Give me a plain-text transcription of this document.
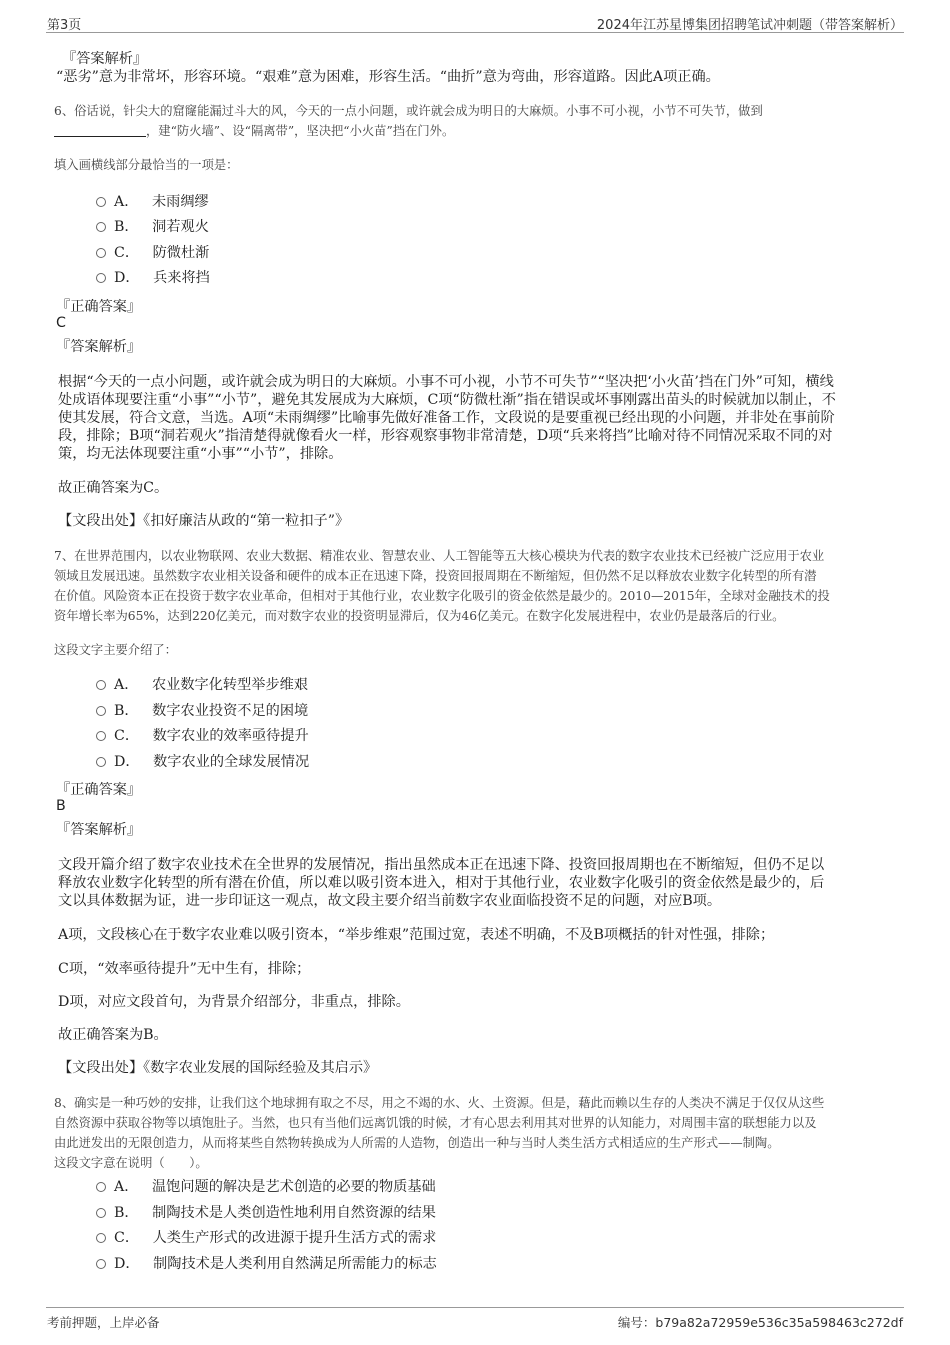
第3页	2024年江苏星博集团招聘笔试冲刺题（带答案解析）
『答案解析』
“恶劣”意为非常坏，形容环境。“艰难”意为困难，形容生活。“曲折”意为弯曲，形容道路。因此A项正确。
6、俗话说，针尖大的窟窿能漏过斗大的风，今天的一点小问题，或许就会成为明日的大麻烦。小事不可小视，小节不可失节，做到
，建“防火墙”、设“隔离带”，坚决把“小火苗”挡在门外。
填入画横线部分最恰当的一项是：
A． 未雨绸缪
B． 洞若观火
C． 防微杜渐
D． 兵来将挡
『正确答案』
C
『答案解析』
根据“今天的一点小问题，或许就会成为明日的大麻烦。小事不可小视，小节不可失节”“坚决把‘小火苗’挡在门外”可知，横线
处成语体现要注重“小事”“小节”，避免其发展成为大麻烦，C项“防微杜渐”指在错误或坏事刚露出苗头的时候就加以制止，不
使其发展，符合文意，当选。A项“未雨绸缪”比喻事先做好准备工作，文段说的是要重视已经出现的小问题，并非处在事前阶
段，排除；B项“洞若观火”指清楚得就像看火一样，形容观察事物非常清楚，D项“兵来将挡”比喻对待不同情况采取不同的对
策，均无法体现要注重“小事”“小节”，排除。
故正确答案为C。
【文段出处】《扣好廉洁从政的“第一粒扣子”》
7、在世界范围内，以农业物联网、农业大数据、精准农业、智慧农业、人工智能等五大核心模块为代表的数字农业技术已经被广泛应用于农业
领域且发展迅速。虽然数字农业相关设备和硬件的成本正在迅速下降，投资回报周期在不断缩短，但仍然不足以释放农业数字化转型的所有潜
在价值。风险资本正在投资于数字农业革命，但相对于其他行业，农业数字化吸引的资金依然是最少的。2010—2015年，全球对金融技术的投
资年增长率为65%，达到220亿美元，而对数字农业的投资明显滞后，仅为46亿美元。在数字化发展进程中，农业仍是最落后的行业。
这段文字主要介绍了：
A． 农业数字化转型举步维艰
B． 数字农业投资不足的困境
C． 数字农业的效率亟待提升
D． 数字农业的全球发展情况
『正确答案』
B
『答案解析』
文段开篇介绍了数字农业技术在全世界的发展情况，指出虽然成本正在迅速下降、投资回报周期也在不断缩短，但仍不足以
释放农业数字化转型的所有潜在价值，所以难以吸引资本进入，相对于其他行业，农业数字化吸引的资金依然是最少的，后
文以具体数据为证，进一步印证这一观点，故文段主要介绍当前数字农业面临投资不足的问题，对应B项。
A项，文段核心在于数字农业难以吸引资本，“举步维艰”范围过宽，表述不明确，不及B项概括的针对性强，排除；
C项，“效率亟待提升”无中生有，排除；
D项，对应文段首句，为背景介绍部分，非重点，排除。
故正确答案为B。
【文段出处】《数字农业发展的国际经验及其启示》
8、确实是一种巧妙的安排，让我们这个地球拥有取之不尽，用之不竭的水、火、土资源。但是，藉此而赖以生存的人类决不满足于仅仅从这些
自然资源中获取谷物等以填饱肚子。当然，也只有当他们远离饥饿的时候，才有心思去利用其对世界的认知能力，对周围丰富的联想能力以及
由此迸发出的无限创造力，从而将某些自然物转换成为人所需的人造物，创造出一种与当时人类生活方式相适应的生产形式——制陶。
这段文字意在说明（　　）。
A． 温饱问题的解决是艺术创造的必要的物质基础
B． 制陶技术是人类创造性地利用自然资源的结果
C． 人类生产形式的改进源于提升生活方式的需求
D． 制陶技术是人类利用自然满足所需能力的标志
考前押题，上岸必备	编号：b79a82a72959e536c35a598463c272df
